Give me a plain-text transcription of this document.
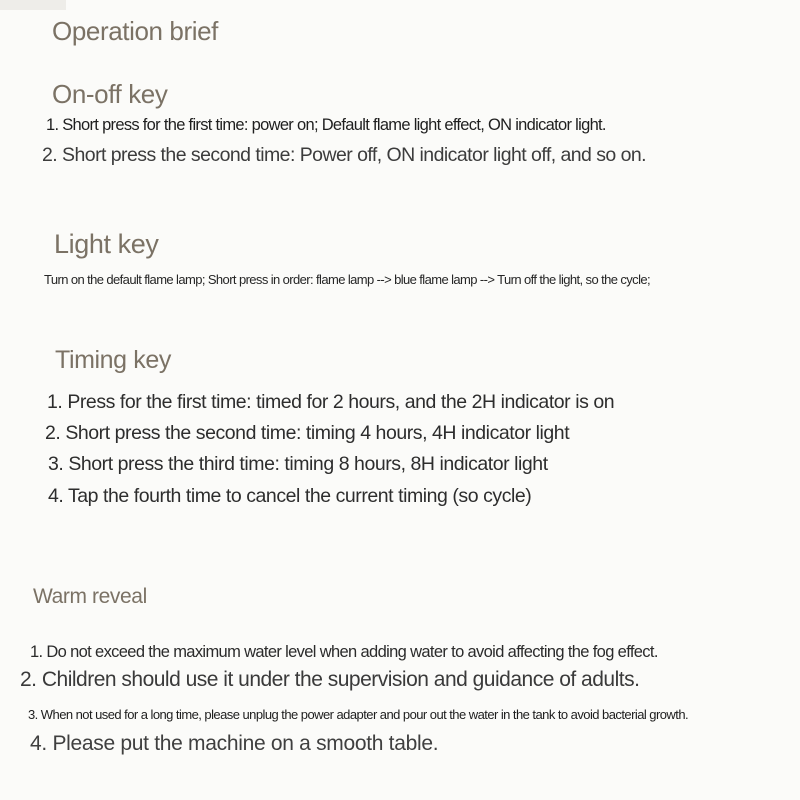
Operation brief
On-off key
1. Short press for the first time: power on; Default flame light effect, ON indicator light.
2. Short press the second time: Power off, ON indicator light off, and so on.
Light key
Turn on the default flame lamp; Short press in order: flame lamp --> blue flame lamp --> Turn off the light, so the cycle;
Timing key
1. Press for the first time: timed for 2 hours, and the 2H indicator is on
2. Short press the second time: timing 4 hours, 4H indicator light
3. Short press the third time: timing 8 hours, 8H indicator light
4. Tap the fourth time to cancel the current timing (so cycle)
Warm reveal
1. Do not exceed the maximum water level when adding water to avoid affecting the fog effect.
2. Children should use it under the supervision and guidance of adults.
3. When not used for a long time, please unplug the power adapter and pour out the water in the tank to avoid bacterial growth.
4. Please put the machine on a smooth table.
